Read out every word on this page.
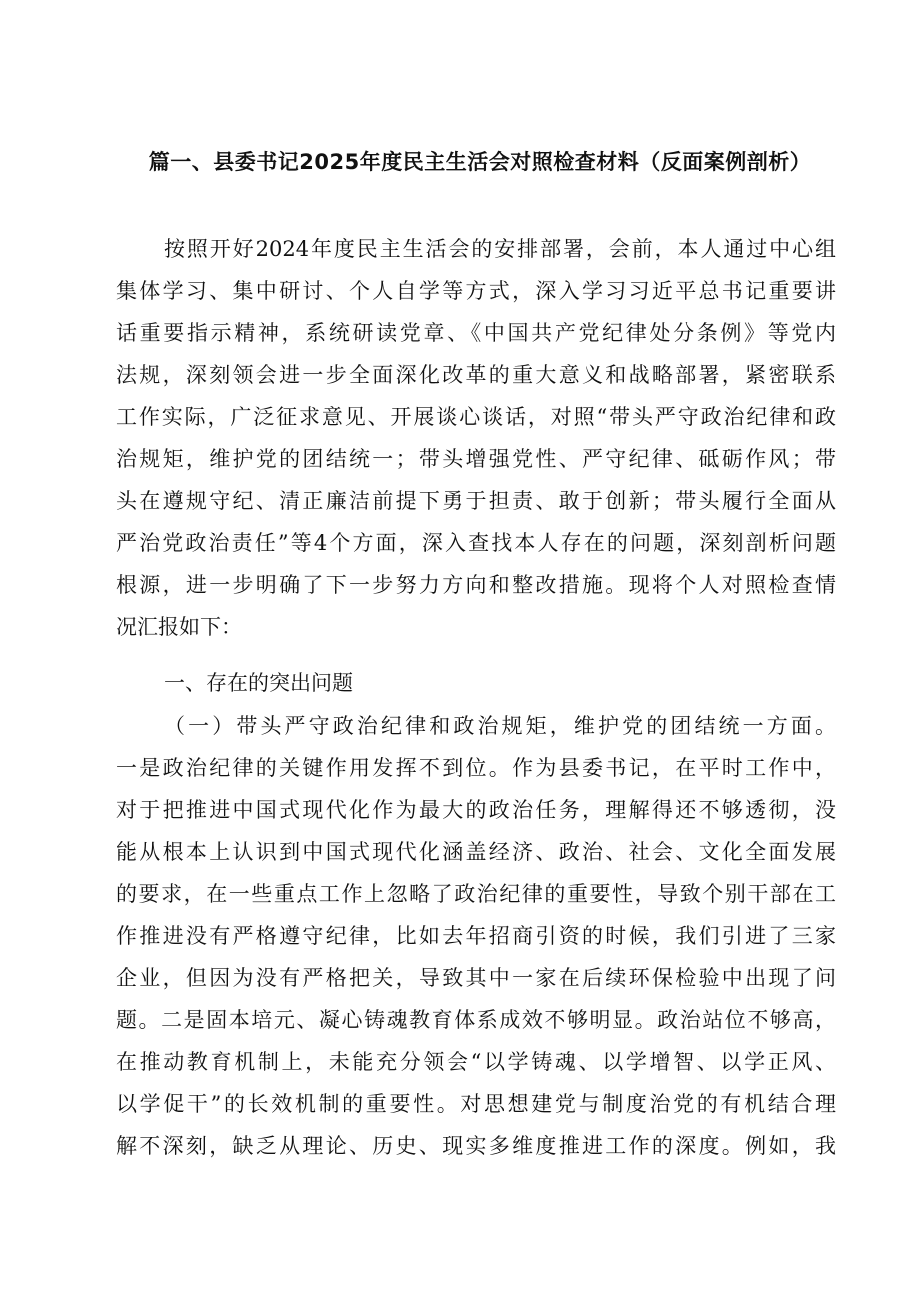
篇一、县委书记2025年度民主生活会对照检查材料（反面案例剖析）
按照开好2024年度民主生活会的安排部署，会前，本人通过中心组
集体学习、集中研讨、个人自学等方式，深入学习习近平总书记重要讲
话重要指示精神，系统研读党章、《中国共产党纪律处分条例》等党内
法规，深刻领会进一步全面深化改革的重大意义和战略部署，紧密联系
工作实际，广泛征求意见、开展谈心谈话，对照“带头严守政治纪律和政
治规矩，维护党的团结统一；带头增强党性、严守纪律、砥砺作风；带
头在遵规守纪、清正廉洁前提下勇于担责、敢于创新；带头履行全面从
严治党政治责任”等4个方面，深入查找本人存在的问题，深刻剖析问题
根源，进一步明确了下一步努力方向和整改措施。现将个人对照检查情
况汇报如下：
一、存在的突出问题
（一）带头严守政治纪律和政治规矩，维护党的团结统一方面。
一是政治纪律的关键作用发挥不到位。作为县委书记，在平时工作中，
对于把推进中国式现代化作为最大的政治任务，理解得还不够透彻，没
能从根本上认识到中国式现代化涵盖经济、政治、社会、文化全面发展
的要求，在一些重点工作上忽略了政治纪律的重要性，导致个别干部在工
作推进没有严格遵守纪律，比如去年招商引资的时候，我们引进了三家
企业，但因为没有严格把关，导致其中一家在后续环保检验中出现了问
题。二是固本培元、凝心铸魂教育体系成效不够明显。政治站位不够高，
在推动教育机制上，未能充分领会“以学铸魂、以学增智、以学正风、
以学促干”的长效机制的重要性。对思想建党与制度治党的有机结合理
解不深刻，缺乏从理论、历史、现实多维度推进工作的深度。例如，我
